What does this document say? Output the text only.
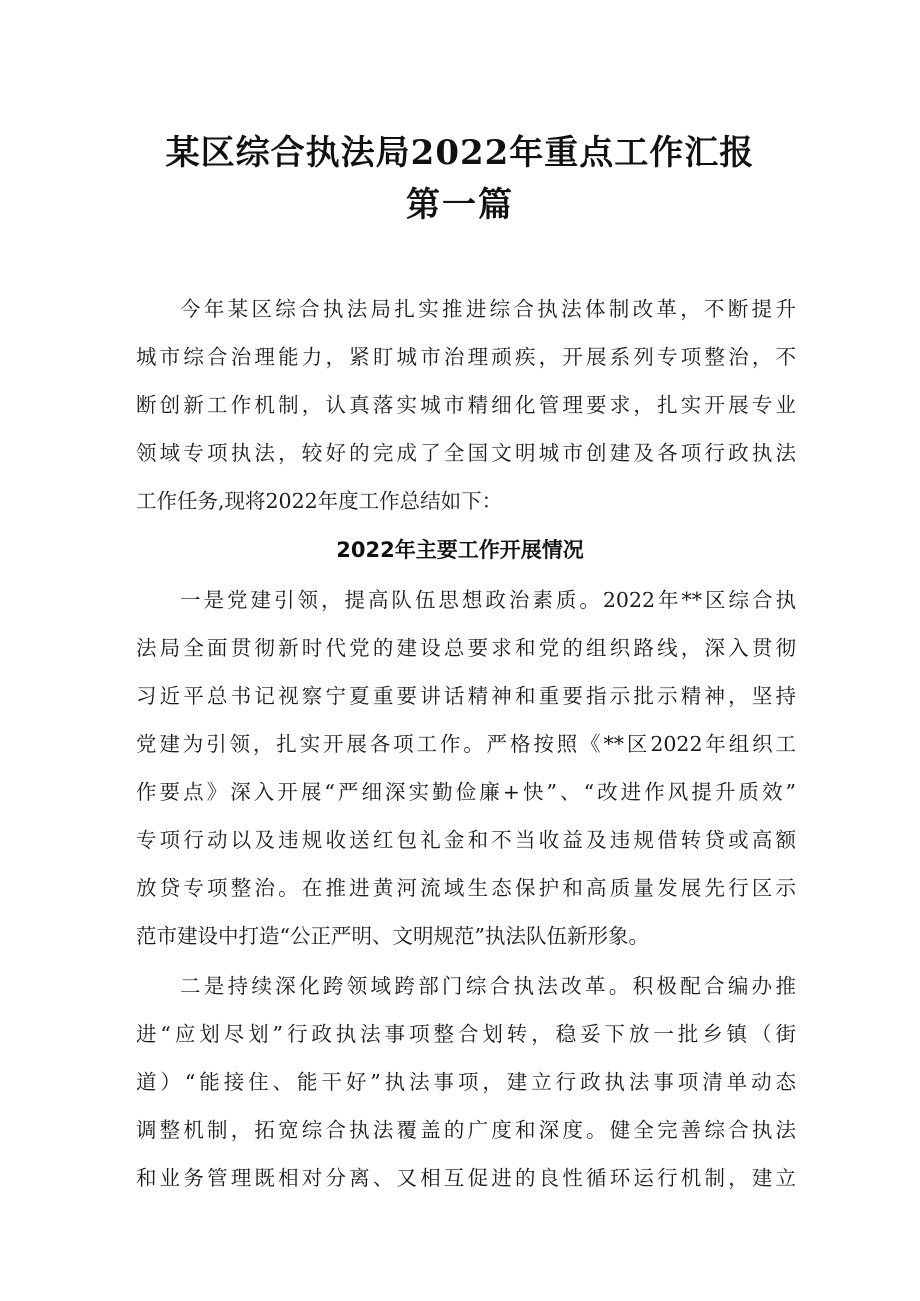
某区综合执法局2022年重点工作汇报
第一篇
今年某区综合执法局扎实推进综合执法体制改革，不断提升
城市综合治理能力，紧盯城市治理顽疾，开展系列专项整治，不
断创新工作机制，认真落实城市精细化管理要求，扎实开展专业
领域专项执法，较好的完成了全国文明城市创建及各项行政执法
工作任务,现将2022年度工作总结如下：
2022年主要工作开展情况
一是党建引领，提高队伍思想政治素质。2022年**区综合执
法局全面贯彻新时代党的建设总要求和党的组织路线，深入贯彻
习近平总书记视察宁夏重要讲话精神和重要指示批示精神，坚持
党建为引领，扎实开展各项工作。严格按照《**区2022年组织工
作要点》深入开展“严细深实勤俭廉+快”、“改进作风提升质效”
专项行动以及违规收送红包礼金和不当收益及违规借转贷或高额
放贷专项整治。在推进黄河流域生态保护和高质量发展先行区示
范市建设中打造“公正严明、文明规范”执法队伍新形象。
二是持续深化跨领域跨部门综合执法改革。积极配合编办推
进“应划尽划”行政执法事项整合划转，稳妥下放一批乡镇（街
道）“能接住、能干好”执法事项，建立行政执法事项清单动态
调整机制，拓宽综合执法覆盖的广度和深度。健全完善综合执法
和业务管理既相对分离、又相互促进的良性循环运行机制，建立
